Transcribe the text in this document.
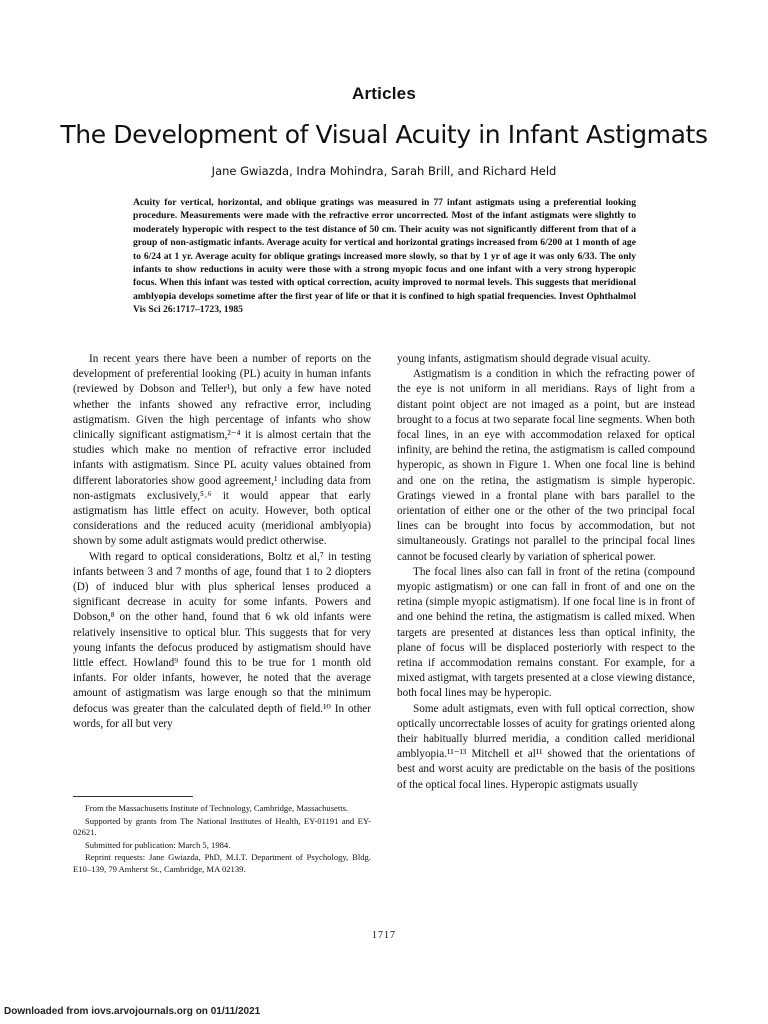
Articles
The Development of Visual Acuity in Infant Astigmats
Jane Gwiazda, Indra Mohindra, Sarah Brill, and Richard Held

Acuity for vertical, horizontal, and oblique gratings was measured in 77 infant astigmats using a preferential looking procedure. Measurements were made with the refractive error uncorrected. Most of the infant astigmats were slightly to moderately hyperopic with respect to the test distance of 50 cm. Their acuity was not significantly different from that of a group of non-astigmatic infants. Average acuity for vertical and horizontal gratings increased from 6/200 at 1 month of age to 6/24 at 1 yr. Average acuity for oblique gratings increased more slowly, so that by 1 yr of age it was only 6/33. The only infants to show reductions in acuity were those with a strong myopic focus and one infant with a very strong hyperopic focus. When this infant was tested with optical correction, acuity improved to normal levels. This suggests that meridional amblyopia develops sometime after the first year of life or that it is confined to high spatial frequencies. Invest Ophthalmol Vis Sci 26:1717–1723, 1985

In recent years there have been a number of reports on the development of preferential looking (PL) acuity in human infants (reviewed by Dobson and Teller¹), but only a few have noted whether the infants showed any refractive error, including astigmatism. Given the high percentage of infants who show clinically significant astigmatism,²⁻⁴ it is almost certain that the studies which make no mention of refractive error included infants with astigmatism. Since PL acuity values obtained from different laboratories show good agreement,¹ including data from non-astigmats exclusively,⁵˒⁶ it would appear that early astigmatism has little effect on acuity. However, both optical considerations and the reduced acuity (meridional amblyopia) shown by some adult astigmats would predict otherwise.

With regard to optical considerations, Boltz et al,⁷ in testing infants between 3 and 7 months of age, found that 1 to 2 diopters (D) of induced blur with plus spherical lenses produced a significant decrease in acuity for some infants. Powers and Dobson,⁸ on the other hand, found that 6 wk old infants were relatively insensitive to optical blur. This suggests that for very young infants the defocus produced by astigmatism should have little effect. Howland⁹ found this to be true for 1 month old infants. For older infants, however, he noted that the average amount of astigmatism was large enough so that the minimum defocus was greater than the calculated depth of field.¹⁰ In other words, for all but very

young infants, astigmatism should degrade visual acuity.

Astigmatism is a condition in which the refracting power of the eye is not uniform in all meridians. Rays of light from a distant point object are not imaged as a point, but are instead brought to a focus at two separate focal line segments. When both focal lines, in an eye with accommodation relaxed for optical infinity, are behind the retina, the astigmatism is called compound hyperopic, as shown in Figure 1. When one focal line is behind and one on the retina, the astigmatism is simple hyperopic. Gratings viewed in a frontal plane with bars parallel to the orientation of either one or the other of the two principal focal lines can be brought into focus by accommodation, but not simultaneously. Gratings not parallel to the principal focal lines cannot be focused clearly by variation of spherical power.

The focal lines also can fall in front of the retina (compound myopic astigmatism) or one can fall in front of and one on the retina (simple myopic astigmatism). If one focal line is in front of and one behind the retina, the astigmatism is called mixed. When targets are presented at distances less than optical infinity, the plane of focus will be displaced posteriorly with respect to the retina if accommodation remains constant. For example, for a mixed astigmat, with targets presented at a close viewing distance, both focal lines may be hyperopic.

Some adult astigmats, even with full optical correction, show optically uncorrectable losses of acuity for gratings oriented along their habitually blurred meridia, a condition called meridional amblyopia.¹¹⁻¹³ Mitchell et al¹¹ showed that the orientations of best and worst acuity are predictable on the basis of the positions of the optical focal lines. Hyperopic astigmats usually

From the Massachusetts Institute of Technology, Cambridge, Massachusetts.

Supported by grants from The National Institutes of Health, EY-01191 and EY-02621.

Submitted for publication: March 5, 1984.

Reprint requests: Jane Gwiazda, PhD, M.I.T. Department of Psychology, Bldg. E10–139, 79 Amherst St., Cambridge, MA 02139.

1717
Downloaded from iovs.arvojournals.org on 01/11/2021
